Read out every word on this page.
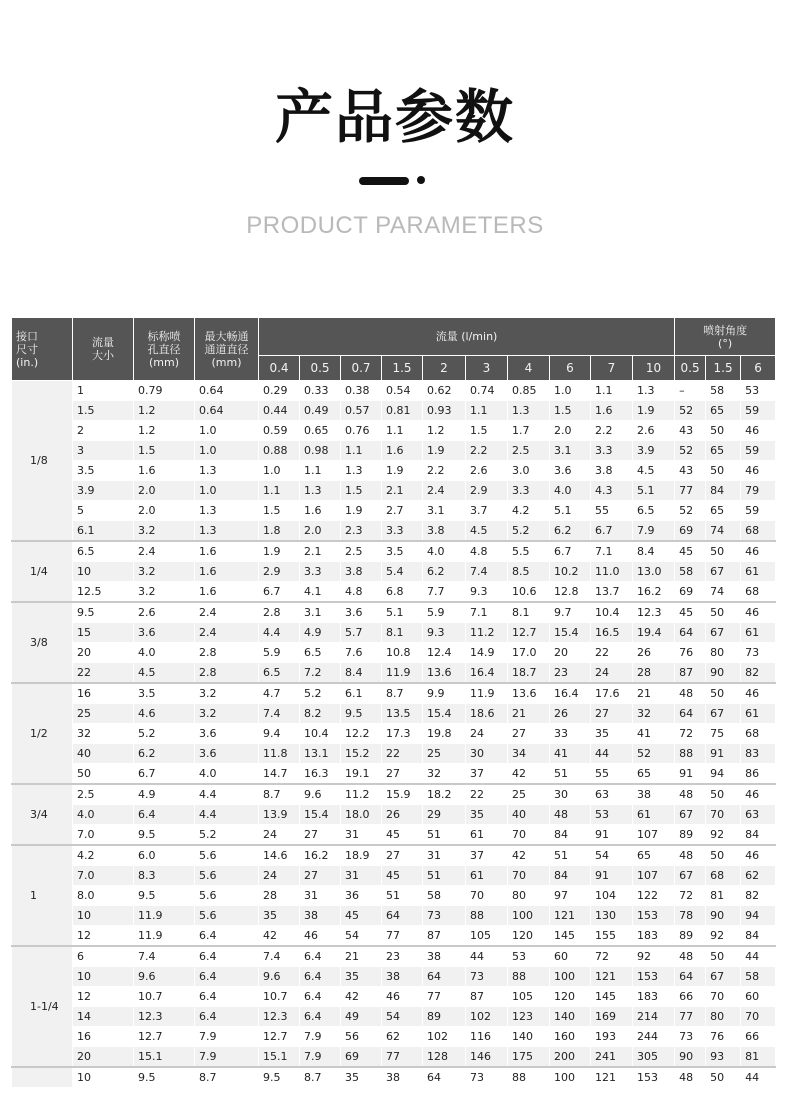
产品参数
PRODUCT PARAMETERS
接口
尺寸
(in.)	流量
大小	标称喷
孔直径
(mm)	最大畅通
通道直径
(mm)	流量 (l/min)										喷射角度
(°)		

				0.4	0.5	0.7	1.5	2	3	4	6	7	10	0.5	1.5	6
1/8	1	0.79	0.64	0.29	0.33	0.38	0.54	0.62	0.74	0.85	1.0	1.1	1.3	–	58	53
	1.5	1.2	0.64	0.44	0.49	0.57	0.81	0.93	1.1	1.3	1.5	1.6	1.9	52	65	59
	2	1.2	1.0	0.59	0.65	0.76	1.1	1.2	1.5	1.7	2.0	2.2	2.6	43	50	46
	3	1.5	1.0	0.88	0.98	1.1	1.6	1.9	2.2	2.5	3.1	3.3	3.9	52	65	59
	3.5	1.6	1.3	1.0	1.1	1.3	1.9	2.2	2.6	3.0	3.6	3.8	4.5	43	50	46
	3.9	2.0	1.0	1.1	1.3	1.5	2.1	2.4	2.9	3.3	4.0	4.3	5.1	77	84	79
	5	2.0	1.3	1.5	1.6	1.9	2.7	3.1	3.7	4.2	5.1	55	6.5	52	65	59
	6.1	3.2	1.3	1.8	2.0	2.3	3.3	3.8	4.5	5.2	6.2	6.7	7.9	69	74	68
1/4	6.5	2.4	1.6	1.9	2.1	2.5	3.5	4.0	4.8	5.5	6.7	7.1	8.4	45	50	46
	10	3.2	1.6	2.9	3.3	3.8	5.4	6.2	7.4	8.5	10.2	11.0	13.0	58	67	61
	12.5	3.2	1.6	6.7	4.1	4.8	6.8	7.7	9.3	10.6	12.8	13.7	16.2	69	74	68
3/8	9.5	2.6	2.4	2.8	3.1	3.6	5.1	5.9	7.1	8.1	9.7	10.4	12.3	45	50	46
	15	3.6	2.4	4.4	4.9	5.7	8.1	9.3	11.2	12.7	15.4	16.5	19.4	64	67	61
	20	4.0	2.8	5.9	6.5	7.6	10.8	12.4	14.9	17.0	20	22	26	76	80	73
	22	4.5	2.8	6.5	7.2	8.4	11.9	13.6	16.4	18.7	23	24	28	87	90	82
1/2	16	3.5	3.2	4.7	5.2	6.1	8.7	9.9	11.9	13.6	16.4	17.6	21	48	50	46
	25	4.6	3.2	7.4	8.2	9.5	13.5	15.4	18.6	21	26	27	32	64	67	61
	32	5.2	3.6	9.4	10.4	12.2	17.3	19.8	24	27	33	35	41	72	75	68
	40	6.2	3.6	11.8	13.1	15.2	22	25	30	34	41	44	52	88	91	83
	50	6.7	4.0	14.7	16.3	19.1	27	32	37	42	51	55	65	91	94	86
3/4	2.5	4.9	4.4	8.7	9.6	11.2	15.9	18.2	22	25	30	63	38	48	50	46
	4.0	6.4	4.4	13.9	15.4	18.0	26	29	35	40	48	53	61	67	70	63
	7.0	9.5	5.2	24	27	31	45	51	61	70	84	91	107	89	92	84
1	4.2	6.0	5.6	14.6	16.2	18.9	27	31	37	42	51	54	65	48	50	46
	7.0	8.3	5.6	24	27	31	45	51	61	70	84	91	107	67	68	62
	8.0	9.5	5.6	28	31	36	51	58	70	80	97	104	122	72	81	82
	10	11.9	5.6	35	38	45	64	73	88	100	121	130	153	78	90	94
	12	11.9	6.4	42	46	54	77	87	105	120	145	155	183	89	92	84
1-1/4	6	7.4	6.4	7.4	6.4	21	23	38	44	53	60	72	92	48	50	44
	10	9.6	6.4	9.6	6.4	35	38	64	73	88	100	121	153	64	67	58
	12	10.7	6.4	10.7	6.4	42	46	77	87	105	120	145	183	66	70	60
	14	12.3	6.4	12.3	6.4	49	54	89	102	123	140	169	214	77	80	70
	16	12.7	7.9	12.7	7.9	56	62	102	116	140	160	193	244	73	76	66
	20	15.1	7.9	15.1	7.9	69	77	128	146	175	200	241	305	90	93	81
	10	9.5	8.7	9.5	8.7	35	38	64	73	88	100	121	153	48	50	44
